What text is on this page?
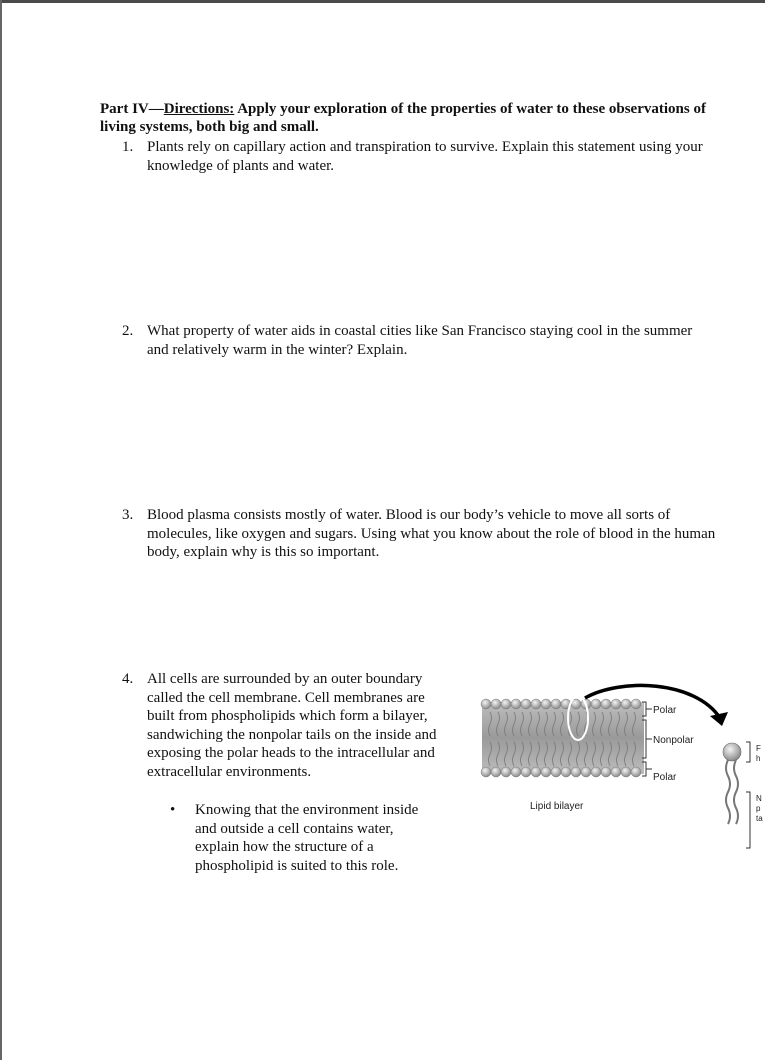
Part IV—Directions: Apply your exploration of the properties of water to these observations of living systems, both big and small.
1. Plants rely on capillary action and transpiration to survive. Explain this statement using your knowledge of plants and water.
2. What property of water aids in coastal cities like San Francisco staying cool in the summer and relatively warm in the winter? Explain.
3. Blood plasma consists mostly of water. Blood is our body’s vehicle to move all sorts of molecules, like oxygen and sugars. Using what you know about the role of blood in the human body, explain why is this so important.
4. All cells are surrounded by an outer boundary called the cell membrane. Cell membranes are built from phospholipids which form a bilayer, sandwiching the nonpolar tails on the inside and exposing the polar heads to the intracellular and extracellular environments.
• Knowing that the environment inside and outside a cell contains water, explain how the structure of a phospholipid is suited to this role.
Polar
Nonpolar
Polar
Lipid bilayer
F
h
N
p
ta
